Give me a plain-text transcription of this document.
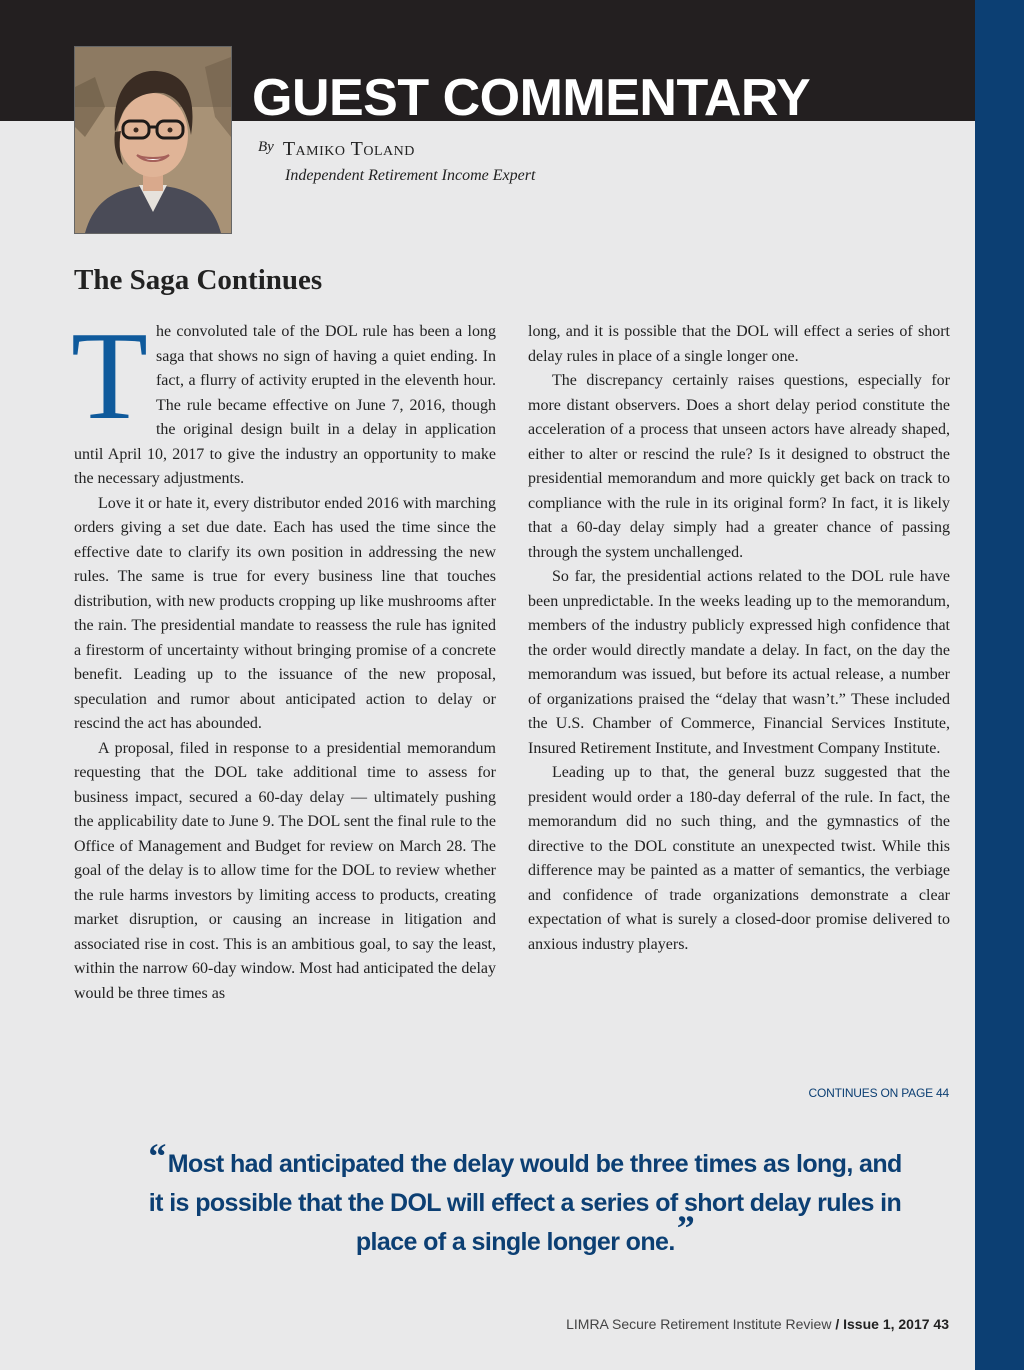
GUEST COMMENTARY
$^{By}$ Tamiko Toland
Independent Retirement Income Expert
The Saga Continues

The convoluted tale of the DOL rule has been a long saga that shows no sign of having a quiet ending. In fact, a flurry of activity erupted in the eleventh hour. The rule became effective on June 7, 2016, though the original design built in a delay in application until April 10, 2017 to give the industry an opportunity to make the necessary adjustments.

Love it or hate it, every distributor ended 2016 with marching orders giving a set due date. Each has used the time since the effective date to clarify its own position in addressing the new rules. The same is true for every business line that touches distribution, with new products cropping up like mushrooms after the rain. The presidential mandate to reassess the rule has ignited a firestorm of uncertainty without bringing promise of a concrete benefit. Leading up to the issuance of the new proposal, speculation and rumor about anticipated action to delay or rescind the act has abounded.

A proposal, filed in response to a presidential memorandum requesting that the DOL take additional time to assess for business impact, secured a 60-day delay — ultimately pushing the applicability date to June 9. The DOL sent the final rule to the Office of Management and Budget for review on March 28. The goal of the delay is to allow time for the DOL to review whether the rule harms investors by limiting access to products, creating market disruption, or causing an increase in litigation and associated rise in cost. This is an ambitious goal, to say the least, within the narrow 60-day window. Most had anticipated the delay would be three times as

long, and it is possible that the DOL will effect a series of short delay rules in place of a single longer one.

The discrepancy certainly raises questions, especially for more distant observers. Does a short delay period constitute the acceleration of a process that unseen actors have already shaped, either to alter or rescind the rule? Is it designed to obstruct the presidential memorandum and more quickly get back on track to compliance with the rule in its original form? In fact, it is likely that a 60-day delay simply had a greater chance of passing through the system unchallenged.

So far, the presidential actions related to the DOL rule have been unpredictable. In the weeks leading up to the memorandum, members of the industry publicly expressed high confidence that the order would directly mandate a delay. In fact, on the day the memorandum was issued, but before its actual release, a number of organizations praised the “delay that wasn’t.” These included the U.S. Chamber of Commerce, Financial Services Institute, Insured Retirement Institute, and Investment Company Institute.

Leading up to that, the general buzz suggested that the president would order a 180-day deferral of the rule. In fact, the memorandum did no such thing, and the gymnastics of the directive to the DOL constitute an unexpected twist. While this difference may be painted as a matter of semantics, the verbiage and confidence of trade organizations demonstrate a clear expectation of what is surely a closed-door promise delivered to anxious industry players.

CONTINUES ON PAGE 44
“Most had anticipated the delay would be three times as long, and it is possible that the DOL will effect a series of short delay rules in place of a single longer one.”
LIMRA Secure Retirement Institute Review / Issue 1, 2017 43
